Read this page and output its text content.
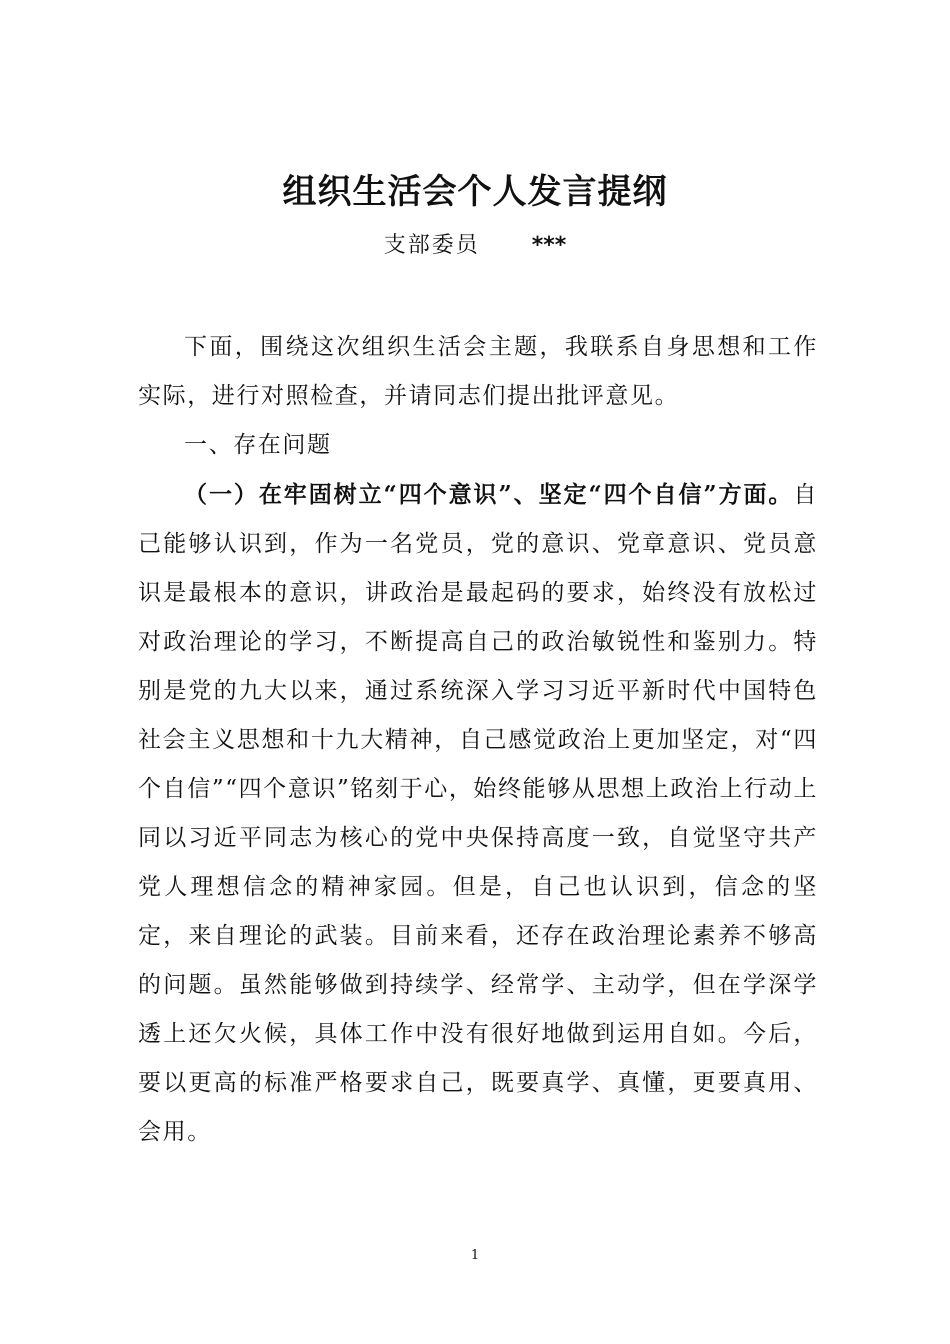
组织生活会个人发言提纲
支部委员 ***

下面，围绕这次组织生活会主题，我联系自身思想和工作实际，进行对照检查，并请同志们提出批评意见。

一、存在问题

（一）在牢固树立“四个意识”、坚定“四个自信”方面。自己能够认识到，作为一名党员，党的意识、党章意识、党员意识是最根本的意识，讲政治是最起码的要求，始终没有放松过对政治理论的学习，不断提高自己的政治敏锐性和鉴别力。特别是党的九大以来，通过系统深入学习习近平新时代中国特色社会主义思想和十九大精神，自己感觉政治上更加坚定，对“四个自信”“四个意识”铭刻于心，始终能够从思想上政治上行动上同以习近平同志为核心的党中央保持高度一致，自觉坚守共产党人理想信念的精神家园。但是，自己也认识到，信念的坚定，来自理论的武装。目前来看，还存在政治理论素养不够高的问题。虽然能够做到持续学、经常学、主动学，但在学深学透上还欠火候，具体工作中没有很好地做到运用自如。今后，要以更高的标准严格要求自己，既要真学、真懂，更要真用、会用。

1
